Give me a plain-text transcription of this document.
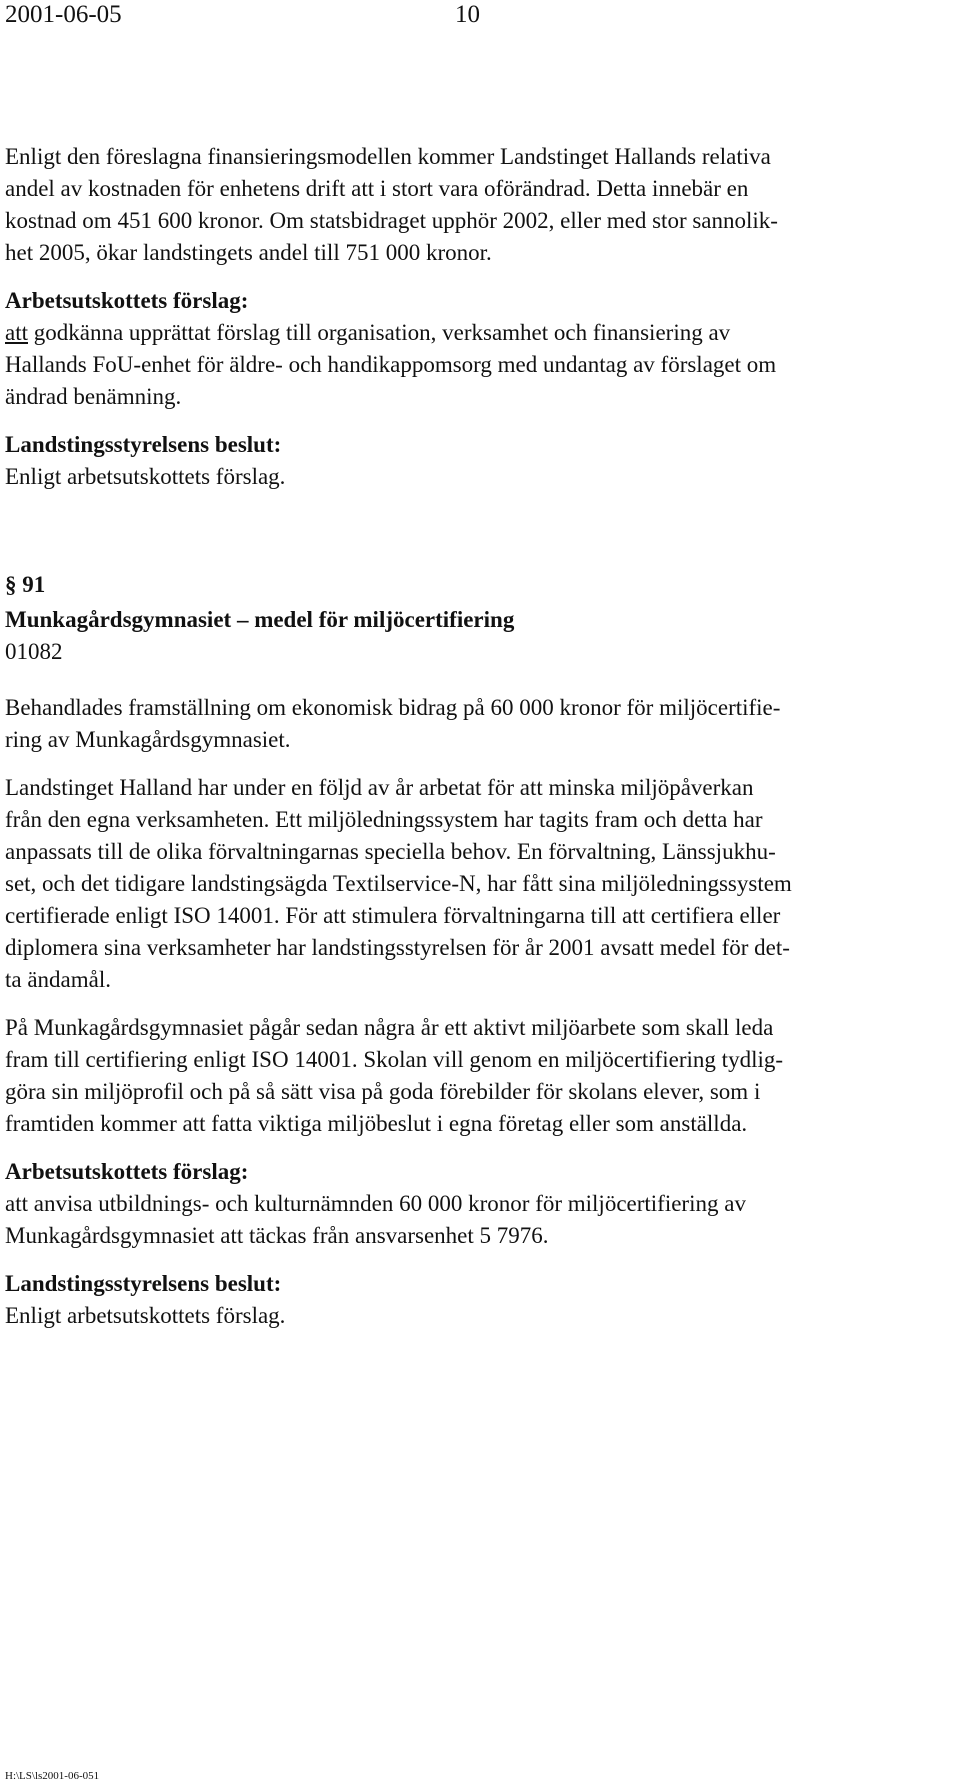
2001-06-05	10

Enligt den föreslagna finansieringsmodellen kommer Landstinget Hallands relativa
andel av kostnaden för enhetens drift att i stort vara oförändrad. Detta innebär en
kostnad om 451 600 kronor. Om statsbidraget upphör 2002, eller med stor sannolik-
het 2005, ökar landstingets andel till 751 000 kronor.

Arbetsutskottets förslag:
att godkänna upprättat förslag till organisation, verksamhet och finansiering av
Hallands FoU-enhet för äldre- och handikappomsorg med undantag av förslaget om
ändrad benämning.
Landstingsstyrelsens beslut:
Enligt arbetsutskottets förslag.
§ 91
Munkagårdsgymnasiet – medel för miljöcertifiering
01082

Behandlades framställning om ekonomisk bidrag på 60 000 kronor för miljöcertifie-
ring av Munkagårdsgymnasiet.

Landstinget Halland har under en följd av år arbetat för att minska miljöpåverkan
från den egna verksamheten. Ett miljöledningssystem har tagits fram och detta har
anpassats till de olika förvaltningarnas speciella behov. En förvaltning, Länssjukhu-
set, och det tidigare landstingsägda Textilservice-N, har fått sina miljöledningssystem
certifierade enligt ISO 14001. För att stimulera förvaltningarna till att certifiera eller
diplomera sina verksamheter har landstingsstyrelsen för år 2001 avsatt medel för det-
ta ändamål.

På Munkagårdsgymnasiet pågår sedan några år ett aktivt miljöarbete som skall leda
fram till certifiering enligt ISO 14001. Skolan vill genom en miljöcertifiering tydlig-
göra sin miljöprofil och på så sätt visa på goda förebilder för skolans elever, som i
framtiden kommer att fatta viktiga miljöbeslut i egna företag eller som anställda.

Arbetsutskottets förslag:
att anvisa utbildnings- och kulturnämnden 60 000 kronor för miljöcertifiering av
Munkagårdsgymnasiet att täckas från ansvarsenhet 5 7976.
Landstingsstyrelsens beslut:
Enligt arbetsutskottets förslag.
H:\LS\ls2001-06-051
